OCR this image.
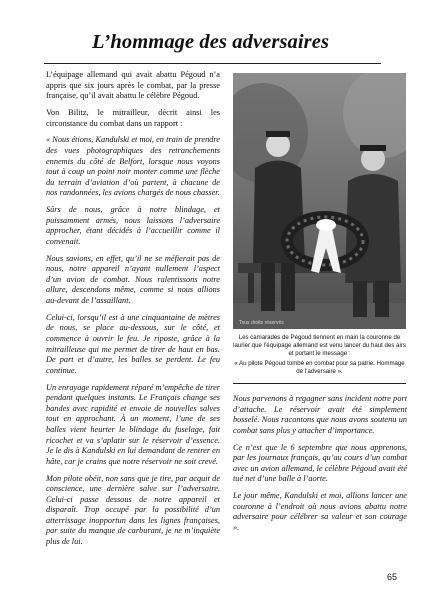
L’hommage des adversaires

L’équipage allemand qui avait abattu Pégoud n’a appris que six jours après le combat, par la presse française, qu’il avait abattu le célèbre Pégoud.

Von Bilitz, le mitrailleur, décrit ainsi les circonstance du combat dans un rapport :

« Nous étions, Kandulski et moi, en train de prendre des vues photographiques des retranchements ennemis du côté de Belfort, lorsque nous voyons tout à coup un point noir monter comme une flèche du terrain d’aviation d’où partent, à chacune de nos randonnées, les avions chargés de nous chasser.

Sûrs de nous, grâce à notre blindage, et puissamment armés, nous laissons l’adversaire approcher, étant décidés à l’accueillir comme il convenait.

Nous savions, en effet, qu’il ne se méfierait pas de nous, notre appareil n’ayant nullement l’aspect d’un avion de combat. Nous ralentissons notre allure, descendons même, comme si nous allions au-devant de l’assaillant.

Celui-ci, lorsqu’il est à une cinquantaine de mètres de nous, se place au-dessous, sur le côté, et commence à ouvrir le feu. Je riposte, grâce à la mitrailleuse qui me permet de tirer de haut en bas. De part et d’autre, les balles se perdent. Le feu continue.

Un enrayage rapidement réparé m’empêche de tirer pendant quelques instants. Le Français change ses bandes avec rapidité et envoie de nouvelles salves tout en approchant. À un moment, l’une de ses balles vient heurter le blindage du fuselage, fait ricochet et va s’aplatir sur le réservoir d’essence. Je le dis à Kandulski en lui demandant de rentrer en hâte, car je crains que notre réservoir ne soit crevé.

Mon pilote obéit, non sans que je tire, par acquit de conscience, une dernière salve sur l’adversaire. Celui-ci passe dessous de notre appareil et disparaît. Trop occupé par la possibilité d’un atterrissage inopportun dans les lignes françaises, par suite du manque de carburant, je ne m’inquiète plus de lui.

Tous droits réservés

Les camarades de Pégoud tiennent en main la couronne de laurier que l’équipage allemand est venu lancer du haut des airs et portant le message :

« Au pilote Pégoud tombé en combat pour sa patrie. Hommage de l’adversaire ».

Nous parvenons à regagner sans incident notre port d’attache. Le réservoir avait été simplement bosselé. Nous racontons que nous avons soutenu un combat sans plus y attacher d’importance.

Ce n’est que le 6 septembre que nous apprenons, par les journaux français, qu’au cours d’un combat avec un avion allemand, le célèbre Pégoud avait été tué net d’une balle à l’aorte.

Le jour même, Kandulski et moi, allions lancer une couronne à l’endroit où nous avions abattu notre adversaire pour célébrer sa valeur et son courage ».

65
